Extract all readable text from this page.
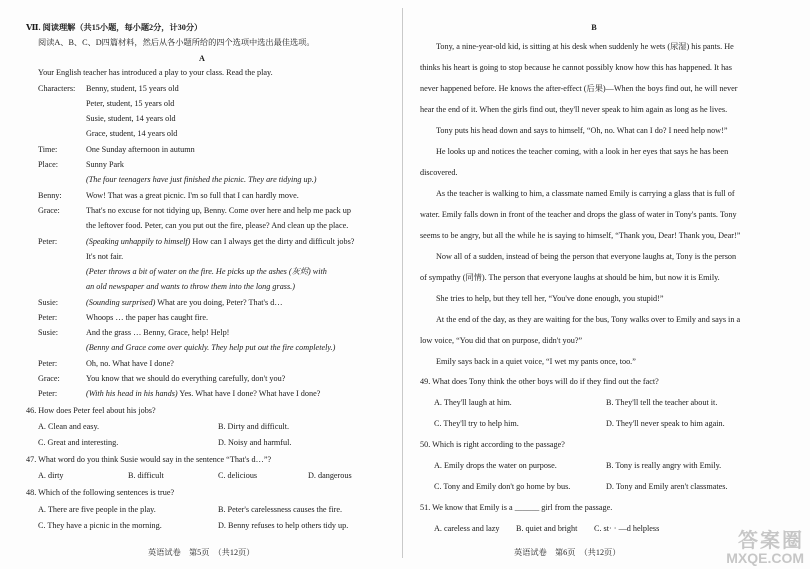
Ⅶ. 阅读理解（共15小题，每小题2分，计30分）
阅读A、B、C、D四篇材料，然后从各小题所给的四个选项中选出最佳选项。
A
Your English teacher has introduced a play to your class. Read the play.
Characters: Benny, student, 15 years old
Peter, student, 15 years old
Susie, student, 14 years old
Grace, student, 14 years old
Time:	One Sunday afternoon in autumn
Place:	Sunny Park
(The four teenagers have just finished the picnic. They are tidying up.)
Benny:	Wow! That was a great picnic. I'm so full that I can hardly move.
Grace:	That's no excuse for not tidying up, Benny. Come over here and help me pack up
the leftover food. Peter, can you put out the fire, please? And clean up the place.
Peter:	(Speaking unhappily to himself) How can I always get the dirty and difficult jobs?
It's not fair.
(Peter throws a bit of water on the fire. He picks up the ashes (灰烬) with
an old newspaper and wants to throw them into the long grass.)
Susie:	(Sounding surprised) What are you doing, Peter? That's d…
Peter:	Whoops … the paper has caught fire.
Susie:	And the grass … Benny, Grace, help! Help!
(Benny and Grace come over quickly. They help put out the fire completely.)
Peter:	Oh, no. What have I done?
Grace:	You know that we should do everything carefully, don't you?
Peter:	(With his head in his hands) Yes. What have I done? What have I done?
46. How does Peter feel about his jobs?
A. Clean and easy.	B. Dirty and difficult.
C. Great and interesting.	D. Noisy and harmful.
47. What word do you think Susie would say in the sentence “That's d…”?
A. dirty	B. difficult	C. delicious	D. dangerous
48. Which of the following sentences is true?
A. There are five people in the play.	B. Peter's carelessness causes the fire.
C. They have a picnic in the morning.	D. Benny refuses to help others tidy up.
英语试卷　第5页　（共12页）
B
Tony, a nine-year-old kid, is sitting at his desk when suddenly he wets (尿湿) his pants. He
thinks his heart is going to stop because he cannot possibly know how this has happened. It has
never happened before. He knows the after-effect (后果)—When the boys find out, he will never
hear the end of it. When the girls find out, they'll never speak to him again as long as he lives.
Tony puts his head down and says to himself, “Oh, no. What can I do? I need help now!”
He looks up and notices the teacher coming, with a look in her eyes that says he has been
discovered.
As the teacher is walking to him, a classmate named Emily is carrying a glass that is full of
water. Emily falls down in front of the teacher and drops the glass of water in Tony's pants. Tony
seems to be angry, but all the while he is saying to himself, “Thank you, Dear! Thank you, Dear!”
Now all of a sudden, instead of being the person that everyone laughs at, Tony is the person
of sympathy (同情). The person that everyone laughs at should be him, but now it is Emily.
She tries to help, but they tell her, “You've done enough, you stupid!”
At the end of the day, as they are waiting for the bus, Tony walks over to Emily and says in a
low voice, “You did that on purpose, didn't you?”
Emily says back in a quiet voice, “I wet my pants once, too.”
49. What does Tony think the other boys will do if they find out the fact?
A. They'll laugh at him.	B. They'll tell the teacher about it.
C. They'll try to help him.	D. They'll never speak to him again.
50. Which is right according to the passage?
A. Emily drops the water on purpose.	B. Tony is really angry with Emily.
C. Tony and Emily don't go home by bus.	D. Tony and Emily aren't classmates.
51. We know that Emily is a ______ girl from the passage.
A. careless and lazy B. quiet and bright C. st· · —d helpless
英语试卷　第6页　（共12页）
答案圈
MXQE.COM
